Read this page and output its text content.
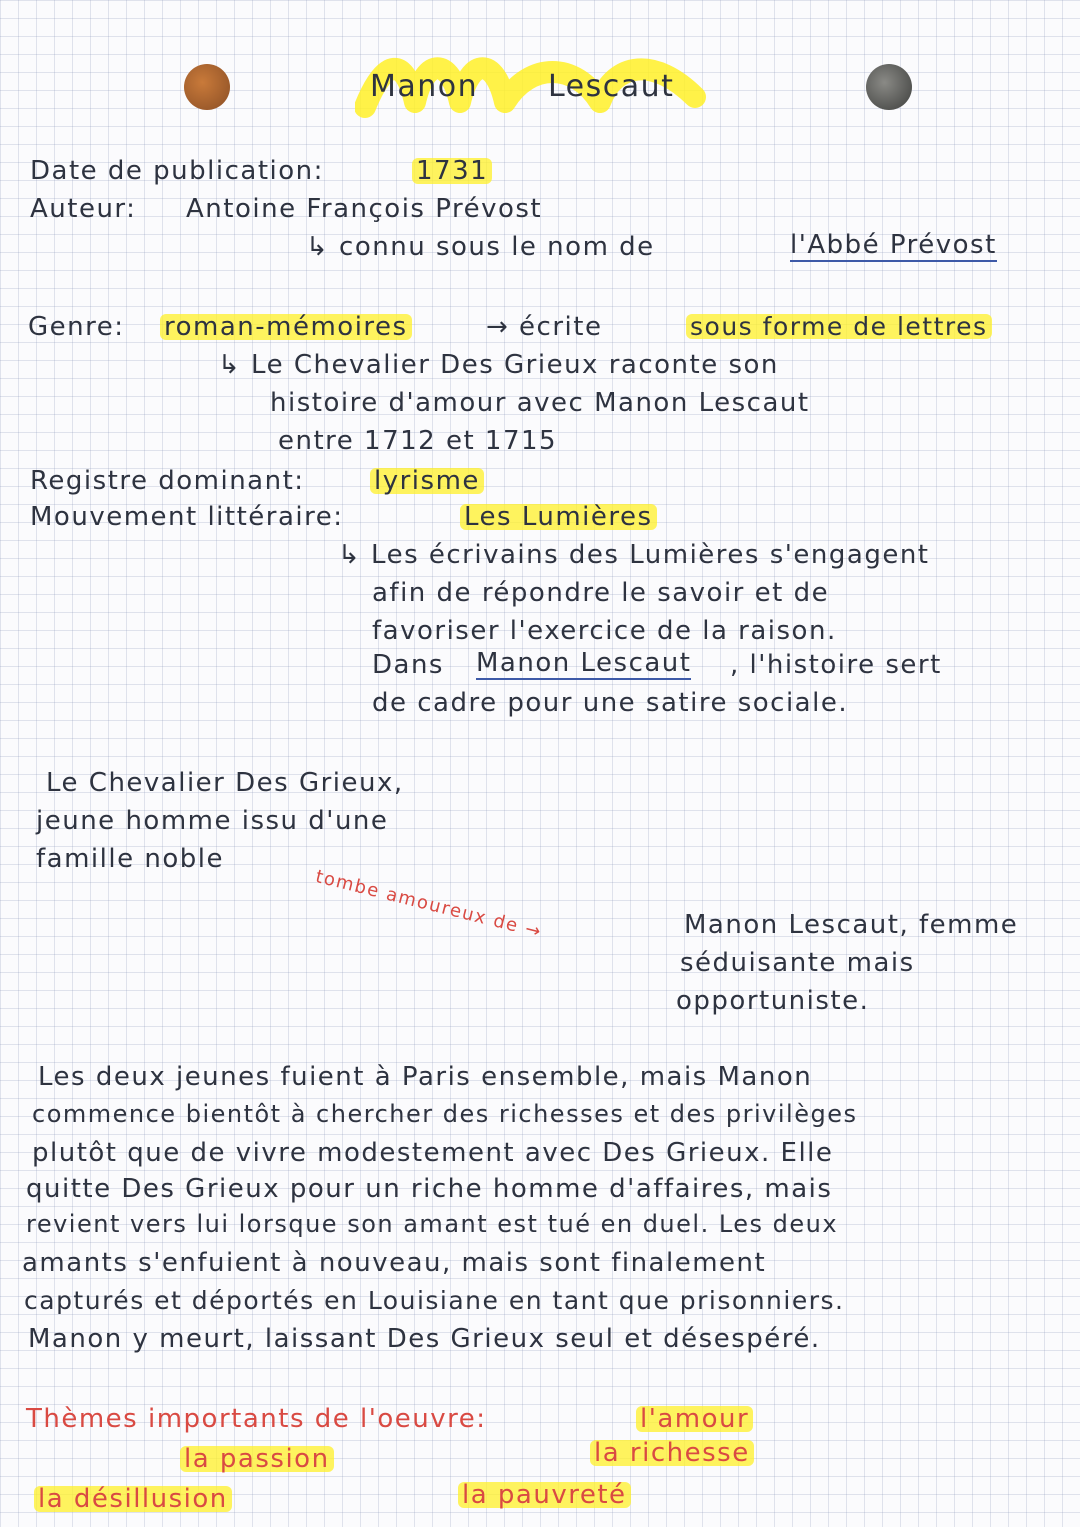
Manon Lescaut
Date de publication:	1731
Auteur: Antoine François Prévost
↳ connu sous le nom de	l'Abbé Prévost
Genre: roman-mémoires	→ écrite	sous forme de lettres
↳ Le Chevalier Des Grieux raconte son
histoire d'amour avec Manon Lescaut
entre 1712 et 1715
Registre dominant:	lyrisme
Mouvement littéraire:	Les Lumières
↳ Les écrivains des Lumières s'engagent
afin de répondre le savoir et de
favoriser l'exercice de la raison.
Dans Manon Lescaut , l'histoire sert
de cadre pour une satire sociale.
Le Chevalier Des Grieux,
jeune homme issu d'une
famille noble
tombe amoureux de →	Manon Lescaut, femme
séduisante mais
opportuniste.
Les deux jeunes fuient à Paris ensemble, mais Manon
commence bientôt à chercher des richesses et des privilèges
plutôt que de vivre modestement avec Des Grieux. Elle
quitte Des Grieux pour un riche homme d'affaires, mais
revient vers lui lorsque son amant est tué en duel. Les deux
amants s'enfuient à nouveau, mais sont finalement
capturés et déportés en Louisiane en tant que prisonniers.
Manon y meurt, laissant Des Grieux seul et désespéré.
Thèmes importants de l'oeuvre:	l'amour
la passion	la richesse
la désillusion	la pauvreté
